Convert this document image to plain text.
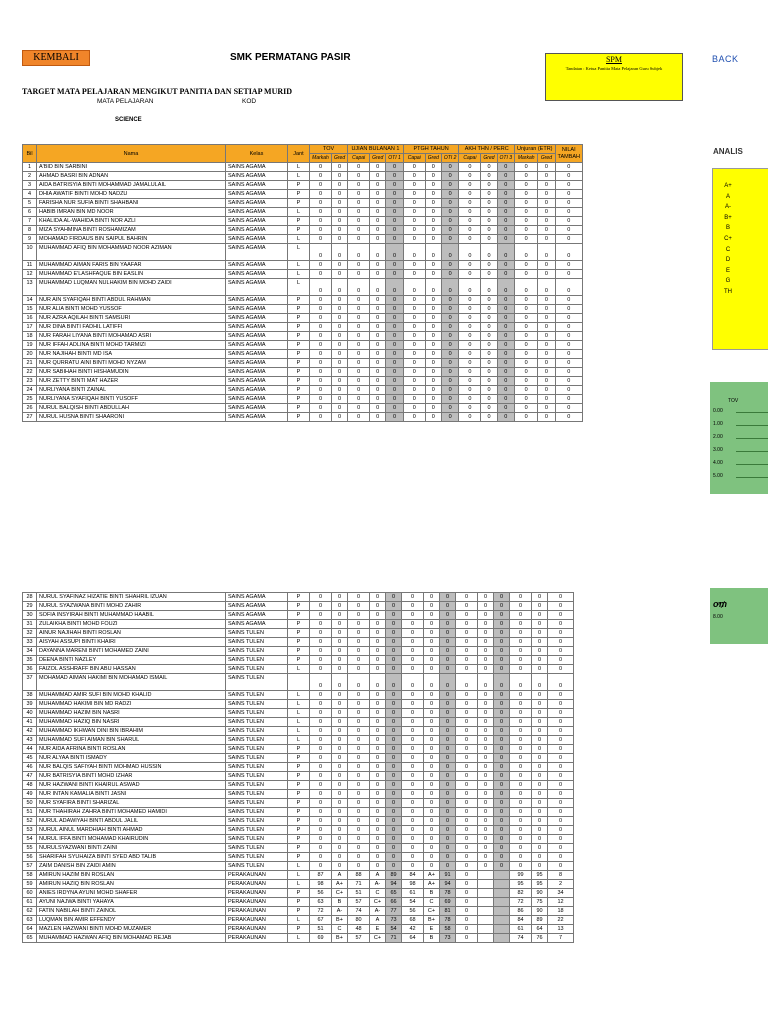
KEMBALI	SMK PERMATANG PASIR	SPM
Tandatan : Ketua Panitia Mata Pelajaran Guru Subjek
BACK
TARGET MATA PELAJARAN MENGIKUT PANITIA DAN SETIAP MURID
MATA PELAJARAN	KOD
SCIENCE
Bil	Nama	Kelas	Jant	TOV		UJIAN BULANAN 1			PTGH TAHUN			AKH THN / PERC			Unjuran (ETR)		NILAI TAMBAH
				Markah	Gred	Capai	Gred	OTI 1	Capai	Gred	OTI 2	Capai	Gred	OTI 3	Markah	Gred	
1	A'BID BIN SARBINI	SAINS AGAMA	L	0	0	0	0	0	0	0	0	0	0	0	0	0	0
2	AHMAD BASRI BIN ADNAN	SAINS AGAMA	L	0	0	0	0	0	0	0	0	0	0	0	0	0	0
3	AIDA BATRISYIA BINTI MOHAMMAD JAMALULAIL	SAINS AGAMA	P	0	0	0	0	0	0	0	0	0	0	0	0	0	0
4	DHIA AWATIF BINTI MOHD NADZU	SAINS AGAMA	P	0	0	0	0	0	0	0	0	0	0	0	0	0	0
5	FARISHA NUR SUFIA BINTI SHAHBANI	SAINS AGAMA	P	0	0	0	0	0	0	0	0	0	0	0	0	0	0
6	HABIB IMRAN BIN MD NOOR	SAINS AGAMA	L	0	0	0	0	0	0	0	0	0	0	0	0	0	0
7	KHALIDA AL-WAHIDA BINTI NOR AZLI	SAINS AGAMA	P	0	0	0	0	0	0	0	0	0	0	0	0	0	0
8	MIZA SYAHMINA BINTI ROSHAMIZAM	SAINS AGAMA	P	0	0	0	0	0	0	0	0	0	0	0	0	0	0
9	MOHAMAD FIRDAUS BIN SAIPUL BAHRIN	SAINS AGAMA	L	0	0	0	0	0	0	0	0	0	0	0	0	0	0
10	MUHAMMAD AFIQ BIN MOHAMMAD NOOR AZIMAN	SAINS AGAMA	L	0	0	0	0	0	0	0	0	0	0	0	0	0	0
11	MUHAMMAD AIMAN FARIS BIN YAAFAR	SAINS AGAMA	L	0	0	0	0	0	0	0	0	0	0	0	0	0	0
12	MUHAMMAD E'LASHFAQUE BIN EASLIN	SAINS AGAMA	L	0	0	0	0	0	0	0	0	0	0	0	0	0	0
13	MUHAMMAD LUQMAN NULHAKIM BIN MOHD ZAIDI	SAINS AGAMA	L	0	0	0	0	0	0	0	0	0	0	0	0	0	0
14	NUR AIN SYAFIQAH BINTI ABDUL RAHMAN	SAINS AGAMA	P	0	0	0	0	0	0	0	0	0	0	0	0	0	0
15	NUR ALIA BINTI MOHD YUSSOF	SAINS AGAMA	P	0	0	0	0	0	0	0	0	0	0	0	0	0	0
16	NUR AZRA AQILAH BINTI SAMSURI	SAINS AGAMA	P	0	0	0	0	0	0	0	0	0	0	0	0	0	0
17	NUR DINA BINTI FADHIL LATIFFI	SAINS AGAMA	P	0	0	0	0	0	0	0	0	0	0	0	0	0	0
18	NUR FARAH LIYANA BINTI MOHAMAD ASRI	SAINS AGAMA	P	0	0	0	0	0	0	0	0	0	0	0	0	0	0
19	NUR IFFAH ADLINA BINTI MOHD TARMIZI	SAINS AGAMA	P	0	0	0	0	0	0	0	0	0	0	0	0	0	0
20	NUR NAJIHAH BINTI MD ISA	SAINS AGAMA	P	0	0	0	0	0	0	0	0	0	0	0	0	0	0
21	NUR QURRATU AINI BINTI MOHD NYZAM	SAINS AGAMA	P	0	0	0	0	0	0	0	0	0	0	0	0	0	0
22	NUR SABIHAH BINTI HISHAMUDIN	SAINS AGAMA	P	0	0	0	0	0	0	0	0	0	0	0	0	0	0
23	NUR ZETTY BINTI MAT HAZER	SAINS AGAMA	P	0	0	0	0	0	0	0	0	0	0	0	0	0	0
24	NURLIYANA BINTI ZAINAL	SAINS AGAMA	P	0	0	0	0	0	0	0	0	0	0	0	0	0	0
25	NURLIYANA SYAFIQAH BINTI YUSOFF	SAINS AGAMA	P	0	0	0	0	0	0	0	0	0	0	0	0	0	0
26	NURUL BALQISH BINTI ABDULLAH	SAINS AGAMA	P	0	0	0	0	0	0	0	0	0	0	0	0	0	0
27	NURUL HUSNA BINTI SHAARONI	SAINS AGAMA	P	0	0	0	0	0	0	0	0	0	0	0	0	0	0
28	NURUL SYAFINAZ HIZATIE BINTI SHAHRIL IZUAN	SAINS AGAMA	P	0	0	0	0	0	0	0	0	0	0	0	0	0	0
29	NURUL SYAZWANA BINTI MOHD ZAHIR	SAINS AGAMA	P	0	0	0	0	0	0	0	0	0	0	0	0	0	0
30	SOFIA INSYIRAH BINTI MUHAMMAD HAABIL	SAINS AGAMA	P	0	0	0	0	0	0	0	0	0	0	0	0	0	0
31	ZULAIKHA BINTI MOHD FOUZI	SAINS AGAMA	P	0	0	0	0	0	0	0	0	0	0	0	0	0	0
32	AINUR NAJIHAH BINTI ROSLAN	SAINS TULEN	P	0	0	0	0	0	0	0	0	0	0	0	0	0	0
33	AISYAH ASSUPI BINTI KHAIRI	SAINS TULEN	P	0	0	0	0	0	0	0	0	0	0	0	0	0	0
34	DAYANNA MARENI BINTI MOHAMED ZAINI	SAINS TULEN	P	0	0	0	0	0	0	0	0	0	0	0	0	0	0
35	DEENA BINTI NAZLEY	SAINS TULEN	P	0	0	0	0	0	0	0	0	0	0	0	0	0	0
36	FAIZOL ASSHRAFF BIN ABU HASSAN	SAINS TULEN	L	0	0	0	0	0	0	0	0	0	0	0	0	0	0
37	MOHAMAD AIMAN HAKIMI BIN MOHAMAD ISMAIL	SAINS TULEN		0	0	0	0	0	0	0	0	0	0	0	0	0	0
38	MUHAMMAD AMIR SUFI BIN MOHD KHALID	SAINS TULEN	L	0	0	0	0	0	0	0	0	0	0	0	0	0	0
39	MUHAMMAD HAKIMI BIN MD RADZI	SAINS TULEN	L	0	0	0	0	0	0	0	0	0	0	0	0	0	0
40	MUHAMMAD HAZIM BIN NASRI	SAINS TULEN	L	0	0	0	0	0	0	0	0	0	0	0	0	0	0
41	MUHAMMAD HAZIQ BIN NASRI	SAINS TULEN	L	0	0	0	0	0	0	0	0	0	0	0	0	0	0
42	MUHAMMAD IKHWAN DINI BIN IBRAHIM	SAINS TULEN	L	0	0	0	0	0	0	0	0	0	0	0	0	0	0
43	MUHAMMAD SUFI AIMAN BIN SHARUL	SAINS TULEN	L	0	0	0	0	0	0	0	0	0	0	0	0	0	0
44	NUR AIDA AFRINA BINTI ROSLAN	SAINS TULEN	P	0	0	0	0	0	0	0	0	0	0	0	0	0	0
45	NUR ALYAA BINTI ISMADY	SAINS TULEN	P	0	0	0	0	0	0	0	0	0	0	0	0	0	0
46	NUR BALQIS SAFIYAH BINTI MOHMAD HUSSIN	SAINS TULEN	P	0	0	0	0	0	0	0	0	0	0	0	0	0	0
47	NUR BATRISYIA BINTI MOHD IZHAR	SAINS TULEN	P	0	0	0	0	0	0	0	0	0	0	0	0	0	0
48	NUR HAZWANI BINTI KHAIRUL ASWAD	SAINS TULEN	P	0	0	0	0	0	0	0	0	0	0	0	0	0	0
49	NUR INTAN KAMALIA BINTI JASNI	SAINS TULEN	P	0	0	0	0	0	0	0	0	0	0	0	0	0	0
50	NUR SYAFIRA BINTI SHARIZAL	SAINS TULEN	P	0	0	0	0	0	0	0	0	0	0	0	0	0	0
51	NUR THAHIRAH ZAHRA BINTI MOHAMED HAMIDI	SAINS TULEN	P	0	0	0	0	0	0	0	0	0	0	0	0	0	0
52	NURUL ADAWIYAH BINTI ABDUL JALIL	SAINS TULEN	P	0	0	0	0	0	0	0	0	0	0	0	0	0	0
53	NURUL AINUL MARDHIAH BINTI AHMAD	SAINS TULEN	P	0	0	0	0	0	0	0	0	0	0	0	0	0	0
54	NURUL IFFA BINTI MOHAMAD KHAIRUDIN	SAINS TULEN	P	0	0	0	0	0	0	0	0	0	0	0	0	0	0
55	NURULSYAZWANI BINTI ZAINI	SAINS TULEN	P	0	0	0	0	0	0	0	0	0	0	0	0	0	0
56	SHARIFAH SYUHAIZA BINTI SYED ABD TALIB	SAINS TULEN	P	0	0	0	0	0	0	0	0	0	0	0	0	0	0
57	ZAIM DANISH BIN ZAIDI AMIN	SAINS TULEN	L	0	0	0	0	0	0	0	0	0	0	0	0	0	0
58	AMIRUN HAZIM BIN ROSLAN	PERAKAUNAN	L	87	A	88	A	89	84	A+	91	0			99	95	8
59	AMIRUN HAZIQ BIN ROSLAN	PERAKAUNAN	L	98	A+	71	A-	94	98	A+	94	0			95	95	2
60	ANIES IRDYNA AYUNI MOHD SHAFER	PERAKAUNAN	P	56	C+	51	C	65	61	B	78	0			82	90	34
61	AYUNI NAJWA BINTI YAHAYA	PERAKAUNAN	P	63	B	57	C+	66	54	C	69	0			72	75	12
62	FATIN NABILAH BINTI ZAINOL	PERAKAUNAN	P	72	A-	74	A-	77	56	C+	81	0			86	90	18
63	LUQMAN BIN AMIR EFFENDY	PERAKAUNAN	L	67	B+	80	A	73	68	B+	78	0			84	89	22
64	MAZLEN HAZWANI BINTI MOHD MUZAMER	PERAKAUNAN	P	51	C	48	E	54	42	E	58	0			61	64	13
65	MUHAMMAD HAZWAN AFIQ BIN MOHAMAD REJAB	PERAKAUNAN	L	69	B+	57	C+	71	64	B	73	0			74	76	7
ANALIS
A+
A
A-
B+
B
C+
C
D
E
G
TH
TOV
0.00
1.00
2.00
3.00
4.00
5.00
ơ₥
8.00
